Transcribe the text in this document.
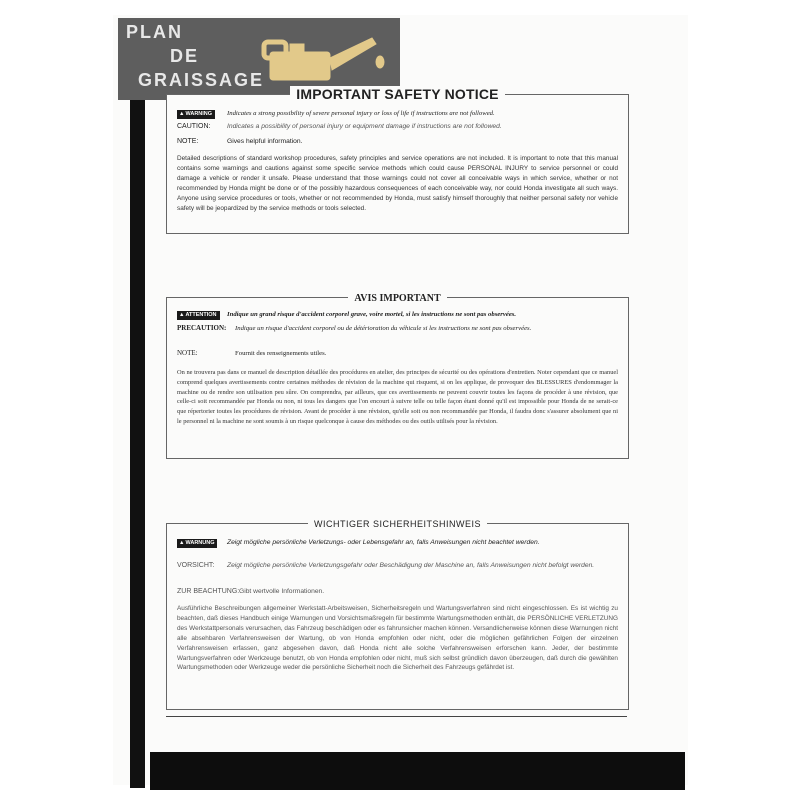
PLAN
DE
GRAISSAGE
IMPORTANT SAFETY NOTICE
▲WARNING	Indicates a strong possibility of severe personal injury or loss of life if instructions are not followed.
CAUTION: Indicates a possibility of personal injury or equipment damage if instructions are not followed.
NOTE:	Gives helpful information.
Detailed descriptions of standard workshop procedures, safety principles and service operations are not included. It is important to note that this manual contains some warnings and cautions against some specific service methods which could cause PERSONAL INJURY to service personnel or could damage a vehicle or render it unsafe. Please understand that those warnings could not cover all conceivable ways in which service, whether or not recommended by Honda might be done or of the possibly hazardous consequences of each conceivable way, nor could Honda investigate all such ways. Anyone using service procedures or tools, whether or not recommended by Honda, must satisfy himself thoroughly that neither personal safety nor vehicle safety will be jeopardized by the service methods or tools selected.
AVIS IMPORTANT
▲ATTENTION	Indique un grand risque d'accident corporel grave, voire mortel, si les instructions ne sont pas observées.
PRECAUTION: Indique un risque d'accident corporel ou de détérioration du véhicule si les instructions ne sont pas observées.
NOTE:	Fournit des renseignements utiles.
On ne trouvera pas dans ce manuel de description détaillée des procédures en atelier, des principes de sécurité ou des opérations d'entretien. Noter cependant que ce manuel comprend quelques avertissements contre certaines méthodes de révision de la machine qui risquent, si on les applique, de provoquer des BLESSURES d'endommager la machine ou de rendre son utilisation peu sûre. On comprendra, par ailleurs, que ces avertissements ne peuvent couvrir toutes les façons de procéder à une révision, que celle-ci soit recommandée par Honda ou non, ni tous les dangers que l'on encourt à suivre telle ou telle façon étant donné qu'il est impossible pour Honda de ne serait-ce que répertorier toutes les procédures de révision. Avant de procéder à une révision, qu'elle soit ou non recommandée par Honda, il faudra donc s'assurer absolument que ni le personnel ni la machine ne sont soumis à un risque quelconque à cause des méthodes ou des outils utilisés pour la révision.
WICHTIGER SICHERHEITSHINWEIS
▲WARNUNG	Zeigt mögliche persönliche Verletzungs- oder Lebensgefahr an, falls Anweisungen nicht beachtet werden.
VORSICHT: Zeigt mögliche persönliche Verletzungsgefahr oder Beschädigung der Maschine an, falls Anweisungen nicht befolgt werden.
ZUR BEACHTUNG: Gibt wertvolle Informationen.
Ausführliche Beschreibungen allgemeiner Werkstatt-Arbeitsweisen, Sicherheitsregeln und Wartungsverfahren sind nicht eingeschlossen. Es ist wichtig zu beachten, daß dieses Handbuch einige Warnungen und Vorsichtsmaßregeln für bestimmte Wartungsmethoden enthält, die PERSÖNLICHE VERLETZUNG des Werkstattpersonals verursachen, das Fahrzeug beschädigen oder es fahrunsicher machen können. Versandlicherweise können diese Warnungen nicht alle absehbaren Verfahrensweisen der Wartung, ob von Honda empfohlen oder nicht, oder die möglichen gefährlichen Folgen der einzelnen Verfahrensweisen erfassen, ganz abgesehen davon, daß Honda nicht alle solche Verfahrensweisen erforschen kann. Jeder, der bestimmte Wartungsverfahren oder Werkzeuge benutzt, ob von Honda empfohlen oder nicht, muß sich selbst gründlich davon überzeugen, daß durch die gewählten Wartungsmethoden oder Werkzeuge weder die persönliche Sicherheit noch die Sicherheit des Fahrzeugs gefährdet ist.
